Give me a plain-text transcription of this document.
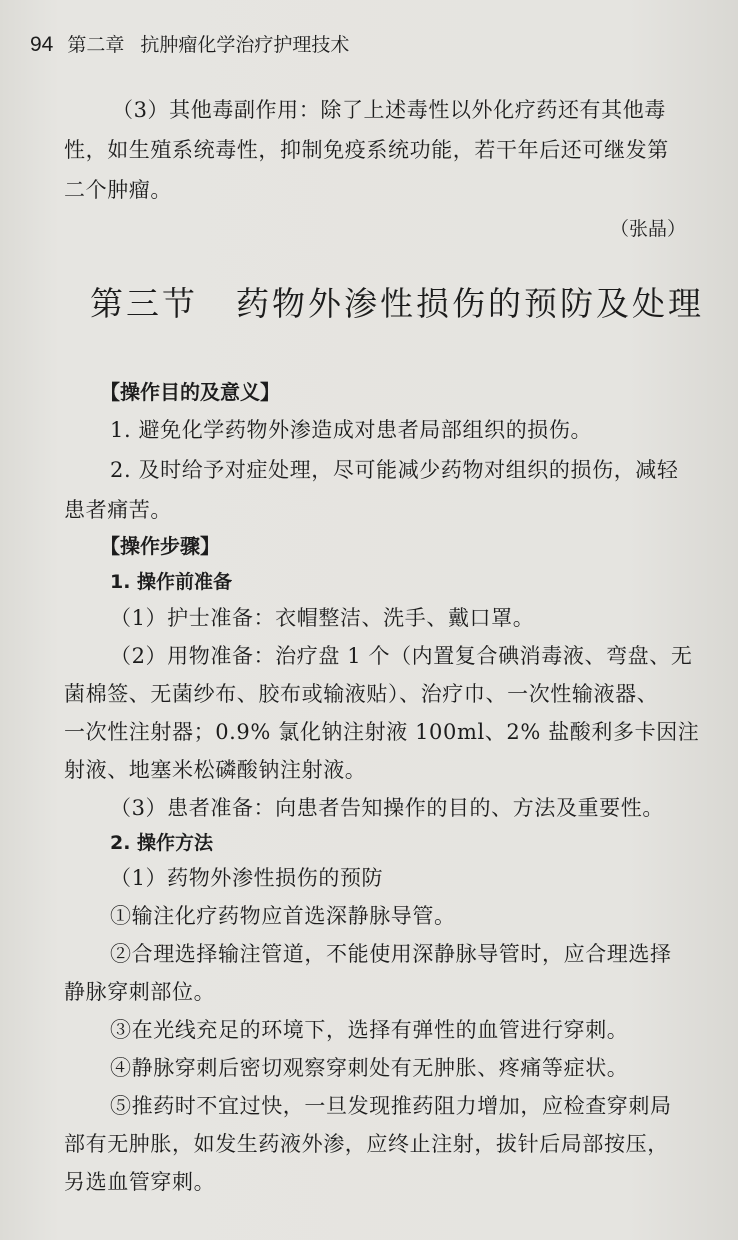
94 第二章 抗肿瘤化学治疗护理技术
（3）其他毒副作用：除了上述毒性以外化疗药还有其他毒
性，如生殖系统毒性，抑制免疫系统功能，若干年后还可继发第
二个肿瘤。
（张晶）
第三节 药物外渗性损伤的预防及处理
【操作目的及意义】
1. 避免化学药物外渗造成对患者局部组织的损伤。
2. 及时给予对症处理，尽可能减少药物对组织的损伤，减轻
患者痛苦。
【操作步骤】
1. 操作前准备
（1）护士准备：衣帽整洁、洗手、戴口罩。
（2）用物准备：治疗盘 1 个（内置复合碘消毒液、弯盘、无
菌棉签、无菌纱布、胶布或输液贴）、治疗巾、一次性输液器、
一次性注射器；0.9% 氯化钠注射液 100ml、2% 盐酸利多卡因注
射液、地塞米松磷酸钠注射液。
（3）患者准备：向患者告知操作的目的、方法及重要性。
2. 操作方法
（1）药物外渗性损伤的预防
①输注化疗药物应首选深静脉导管。
②合理选择输注管道，不能使用深静脉导管时，应合理选择
静脉穿刺部位。
③在光线充足的环境下，选择有弹性的血管进行穿刺。
④静脉穿刺后密切观察穿刺处有无肿胀、疼痛等症状。
⑤推药时不宜过快，一旦发现推药阻力增加，应检查穿刺局
部有无肿胀，如发生药液外渗，应终止注射，拔针后局部按压，
另选血管穿刺。
